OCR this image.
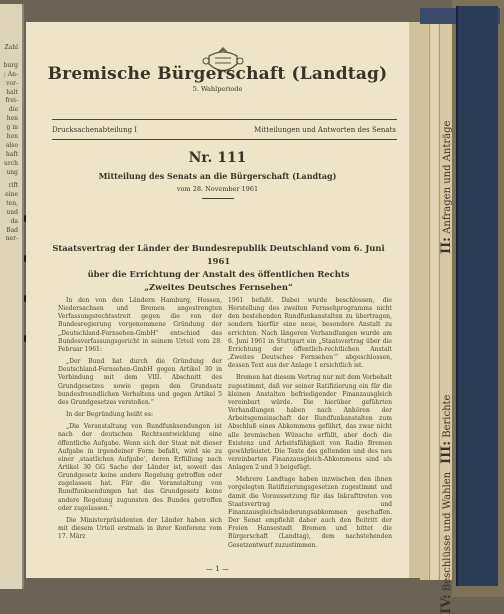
Zahl

burg
; An-
vor-
halt
frei-
die
hen
g in
hen
also
haft
urch
ung
rift
eine
ten,
und
da
Bad
ner-	II: Anfragen und Anträge
III: Berichte
IV: Beschlüsse und Wahlen
Bremische Bürgerschaft (Landtag)
5. Wahlperiode
Drucksachenabteilung I	Mitteilungen und Antworten des Senats
Nr. 111
Mitteilung des Senats an die Bürgerschaft (Landtag)
vom 28. November 1961
Staatsvertrag der Länder der Bundesrepublik Deutschland vom 6. Juni 1961
über die Errichtung der Anstalt des öffentlichen Rechts
„Zweites Deutsches Fernsehen“

In den von den Ländern Hamburg, Hessen, Niedersachsen und Bremen angestrengten Verfassungsrechtsstreit gegen die von der Bundesregierung vorgenommene Gründung der „Deutschland-Fernsehen-GmbH“ entschied das Bundesverfassungsgericht in seinem Urteil vom 28. Februar 1961:

„Der Bund hat durch die Gründung der Deutschland-Fernsehen-GmbH gegen Artikel 30 in Verbindung mit dem VIII. Abschnitt des Grundgesetzes sowie gegen den Grundsatz bundesfreundlichen Verhaltens und gegen Artikel 5 des Grundgesetzes verstoßen.“

In der Begründung heißt es:

„Die Veranstaltung von Rundfunksendungen ist nach der deutschen Rechtsentwicklung eine öffentliche Aufgabe. Wenn sich der Staat mit dieser Aufgabe in irgendeiner Form befaßt, wird sie zu einer ‚staatlichen Aufgabe‘, deren Erfüllung nach Artikel 30 GG Sache der Länder ist, soweit das Grundgesetz keine andere Regelung getroffen oder zugelassen hat. Für die Veranstaltung von Rundfunksendungen hat das Grundgesetz keine andere Regelung zugunsten des Bundes getroffen oder zugelassen.“

Die Ministerpräsidenten der Länder haben sich mit diesem Urteil erstmals in ihrer Konferenz vom 17. März

1961 befaßt. Dabei wurde beschlossen, die Herstellung des zweiten Fernsehprogramms nicht den bestehenden Rundfunkanstalten zu übertragen, sondern hierfür eine neue, besondere Anstalt zu errichten. Nach längeren Verhandlungen wurde am 6. Juni 1961 in Stuttgart ein „Staatsvertrag über die Errichtung der öffentlich-rechtlichen Anstalt ‚Zweites Deutsches Fernsehen‘“ abgeschlossen, dessen Text aus der Anlage 1 ersichtlich ist.

Bremen hat diesem Vertrag nur mit dem Vorbehalt zugestimmt, daß vor seiner Ratifizierung ein für die kleinen Anstalten befriedigender Finanzausgleich vereinbart würde. Die hierüber geführten Verhandlungen haben nach Anhören der Arbeitsgemeinschaft der Rundfunkanstalten zum Abschluß eines Abkommens geführt, das zwar nicht alle bremischen Wünsche erfüllt, aber doch die Existenz und Arbeitsfähigkeit von Radio Bremen gewährleistet. Die Texte des geltenden und des neu vereinbarten Finanzausgleich-Abkommens sind als Anlagen 2 und 3 beigefügt.

Mehrere Landtage haben inzwischen den ihnen vorgelegten Ratifizierungsgesetzen zugestimmt und damit die Voraussetzung für das Inkrafttreten von Staatsvertrag und Finanzausgleichsänderungsabkommen geschaffen. Der Senat empfiehlt daher auch den Beitritt der Freien Hansestadt Bremen und bittet die Bürgerschaft (Landtag), dem nachstehenden Gesetzentwurf zuzustimmen.

— 1 —
